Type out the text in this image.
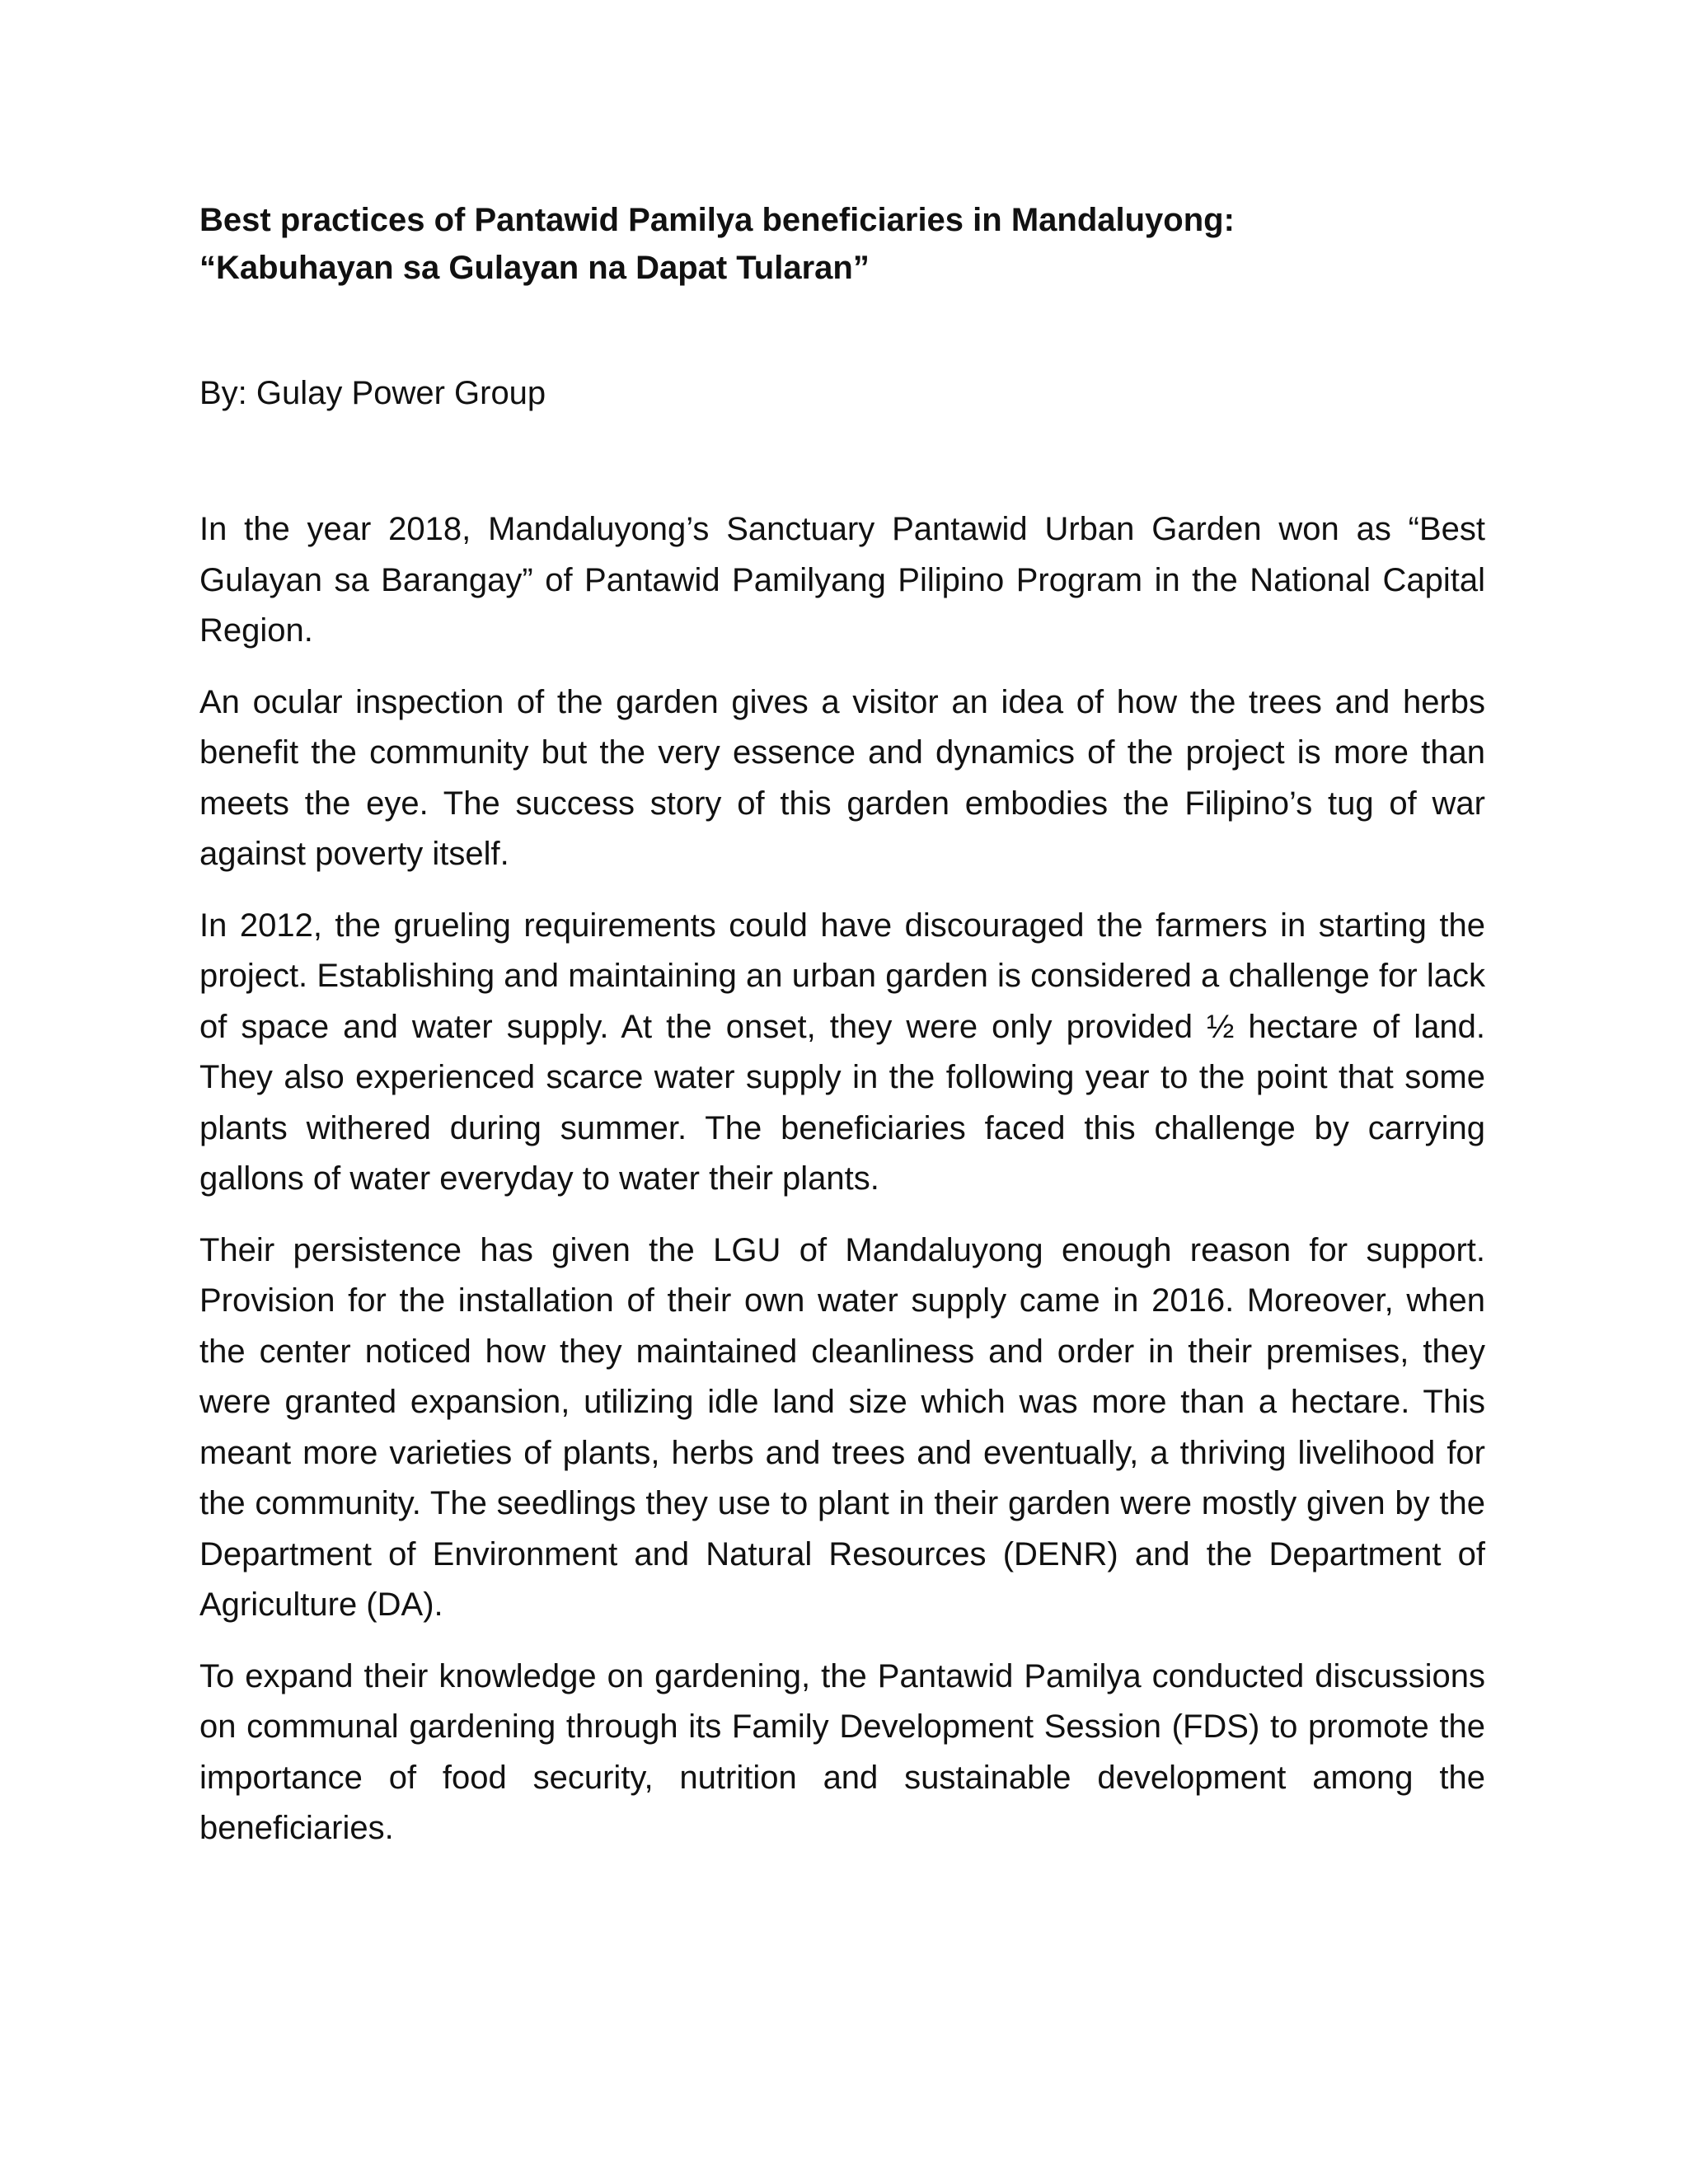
Best practices of Pantawid Pamilya beneficiaries in Mandaluyong:
“Kabuhayan sa Gulayan na Dapat Tularan”

By: Gulay Power Group

In the year 2018, Mandaluyong’s Sanctuary Pantawid Urban Garden won as “Best Gulayan sa Barangay” of Pantawid Pamilyang Pilipino Program in the National Capital Region.

An ocular inspection of the garden gives a visitor an idea of how the trees and herbs benefit the community but the very essence and dynamics of the project is more than meets the eye. The success story of this garden embodies the Filipino’s tug of war against poverty itself.

In 2012, the grueling requirements could have discouraged the farmers in starting the project. Establishing and maintaining an urban garden is considered a challenge for lack of space and water supply. At the onset, they were only provided ½ hectare of land. They also experienced scarce water supply in the following year to the point that some plants withered during summer. The beneficiaries faced this challenge by carrying gallons of water everyday to water their plants.

Their persistence has given the LGU of Mandaluyong enough reason for support. Provision for the installation of their own water supply came in 2016. Moreover, when the center noticed how they maintained cleanliness and order in their premises, they were granted expansion, utilizing idle land size which was more than a hectare. This meant more varieties of plants, herbs and trees and eventually, a thriving livelihood for the community. The seedlings they use to plant in their garden were mostly given by the Department of Environment and Natural Resources (DENR) and the Department of Agriculture (DA).

To expand their knowledge on gardening, the Pantawid Pamilya conducted discussions on communal gardening through its Family Development Session (FDS) to promote the importance of food security, nutrition and sustainable development among the beneficiaries.
